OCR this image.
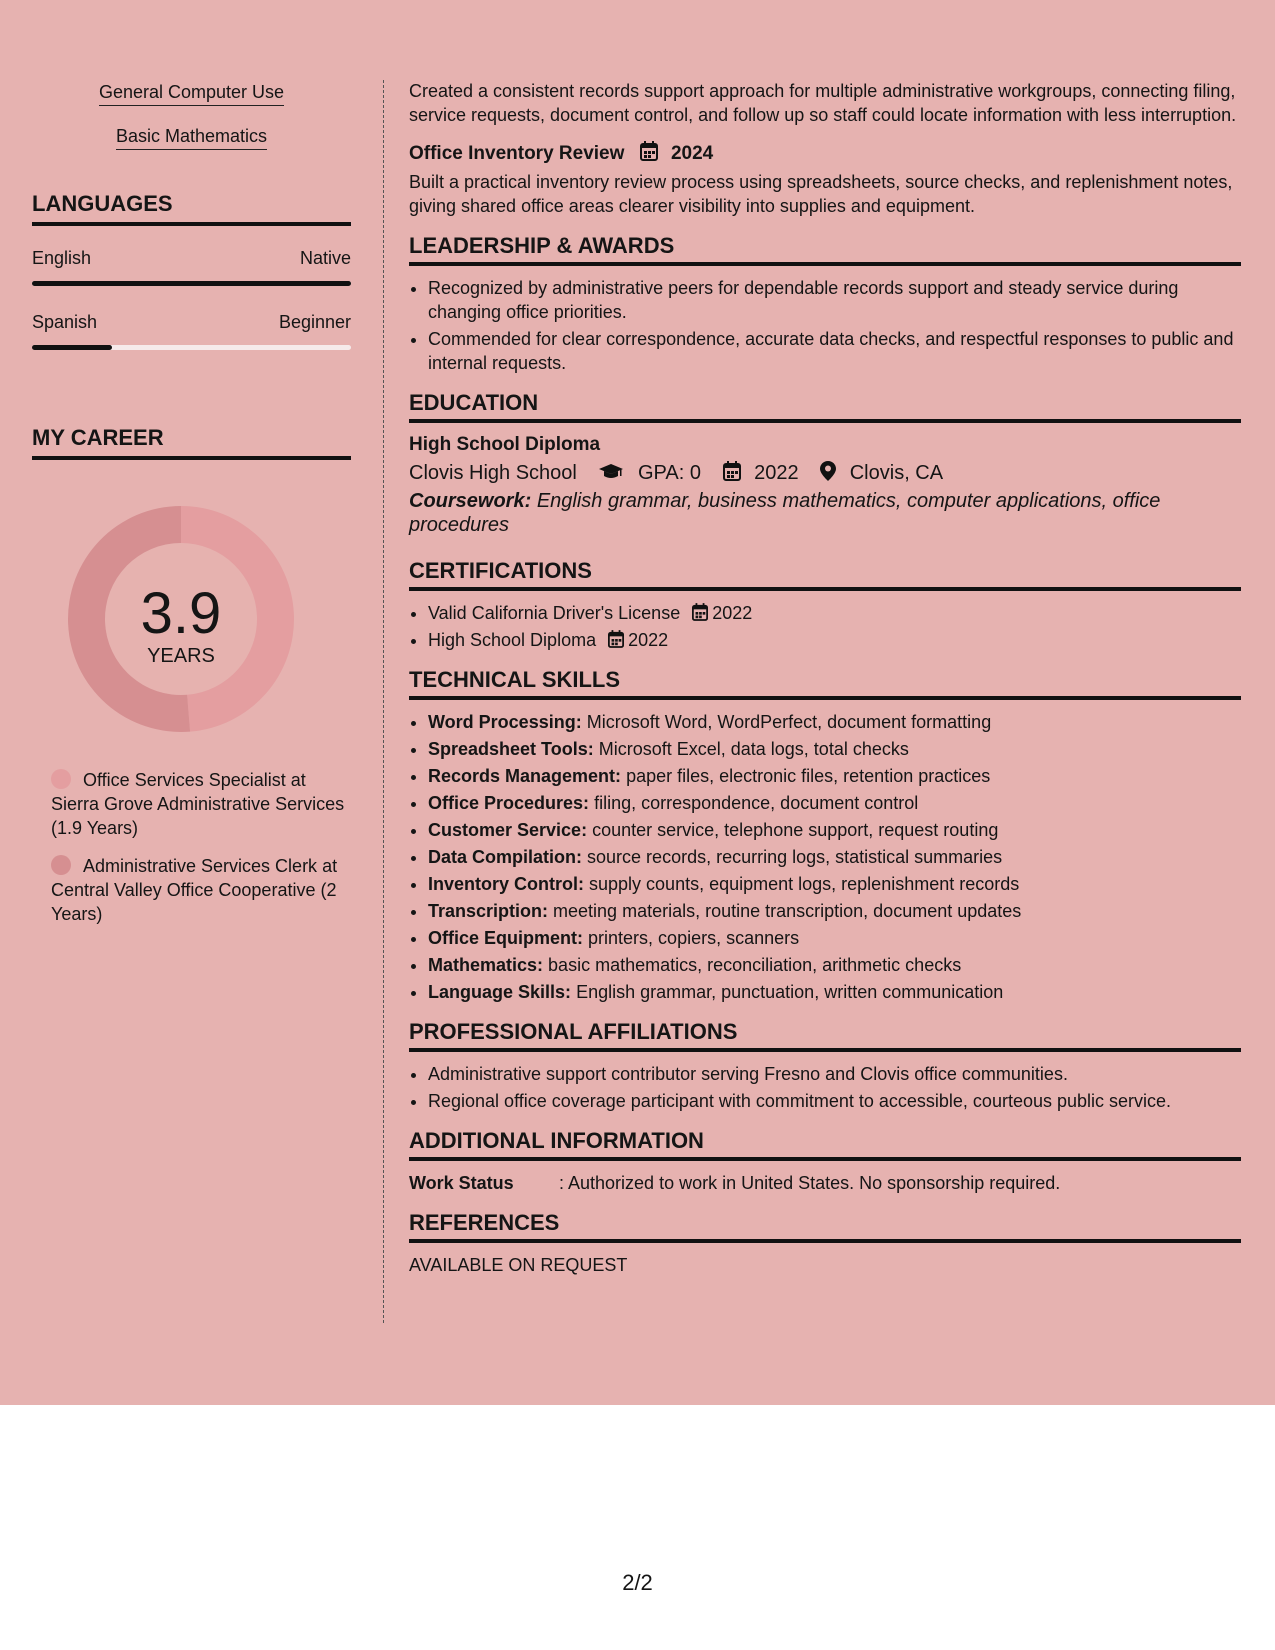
General Computer Use
Basic Mathematics
LANGUAGES
English	Native
Spanish	Beginner
MY CAREER
3.9
YEARS
Office Services Specialist at Sierra Grove Administrative Services (1.9 Years)
Administrative Services Clerk at Central Valley Office Cooperative (2 Years)
Created a consistent records support approach for multiple administrative workgroups, connecting filing, service requests, document control, and follow up so staff could locate information with less interruption.
Office Inventory Review 2024
Built a practical inventory review process using spreadsheets, source checks, and replenishment notes, giving shared office areas clearer visibility into supplies and equipment.
LEADERSHIP & AWARDS
• Recognized by administrative peers for dependable records support and steady service during changing office priorities.
• Commended for clear correspondence, accurate data checks, and respectful responses to public and internal requests.
EDUCATION
High School Diploma
Clovis High School	GPA: 0	2022	Clovis, CA
Coursework: English grammar, business mathematics, computer applications, office procedures
CERTIFICATIONS
• Valid California Driver's License 2022
• High School Diploma 2022
TECHNICAL SKILLS
• Word Processing: Microsoft Word, WordPerfect, document formatting
• Spreadsheet Tools: Microsoft Excel, data logs, total checks
• Records Management: paper files, electronic files, retention practices
• Office Procedures: filing, correspondence, document control
• Customer Service: counter service, telephone support, request routing
• Data Compilation: source records, recurring logs, statistical summaries
• Inventory Control: supply counts, equipment logs, replenishment records
• Transcription: meeting materials, routine transcription, document updates
• Office Equipment: printers, copiers, scanners
• Mathematics: basic mathematics, reconciliation, arithmetic checks
• Language Skills: English grammar, punctuation, written communication
PROFESSIONAL AFFILIATIONS
• Administrative support contributor serving Fresno and Clovis office communities.
• Regional office coverage participant with commitment to accessible, courteous public service.
ADDITIONAL INFORMATION
Work Status	: Authorized to work in United States. No sponsorship required.
REFERENCES
AVAILABLE ON REQUEST
2/2
